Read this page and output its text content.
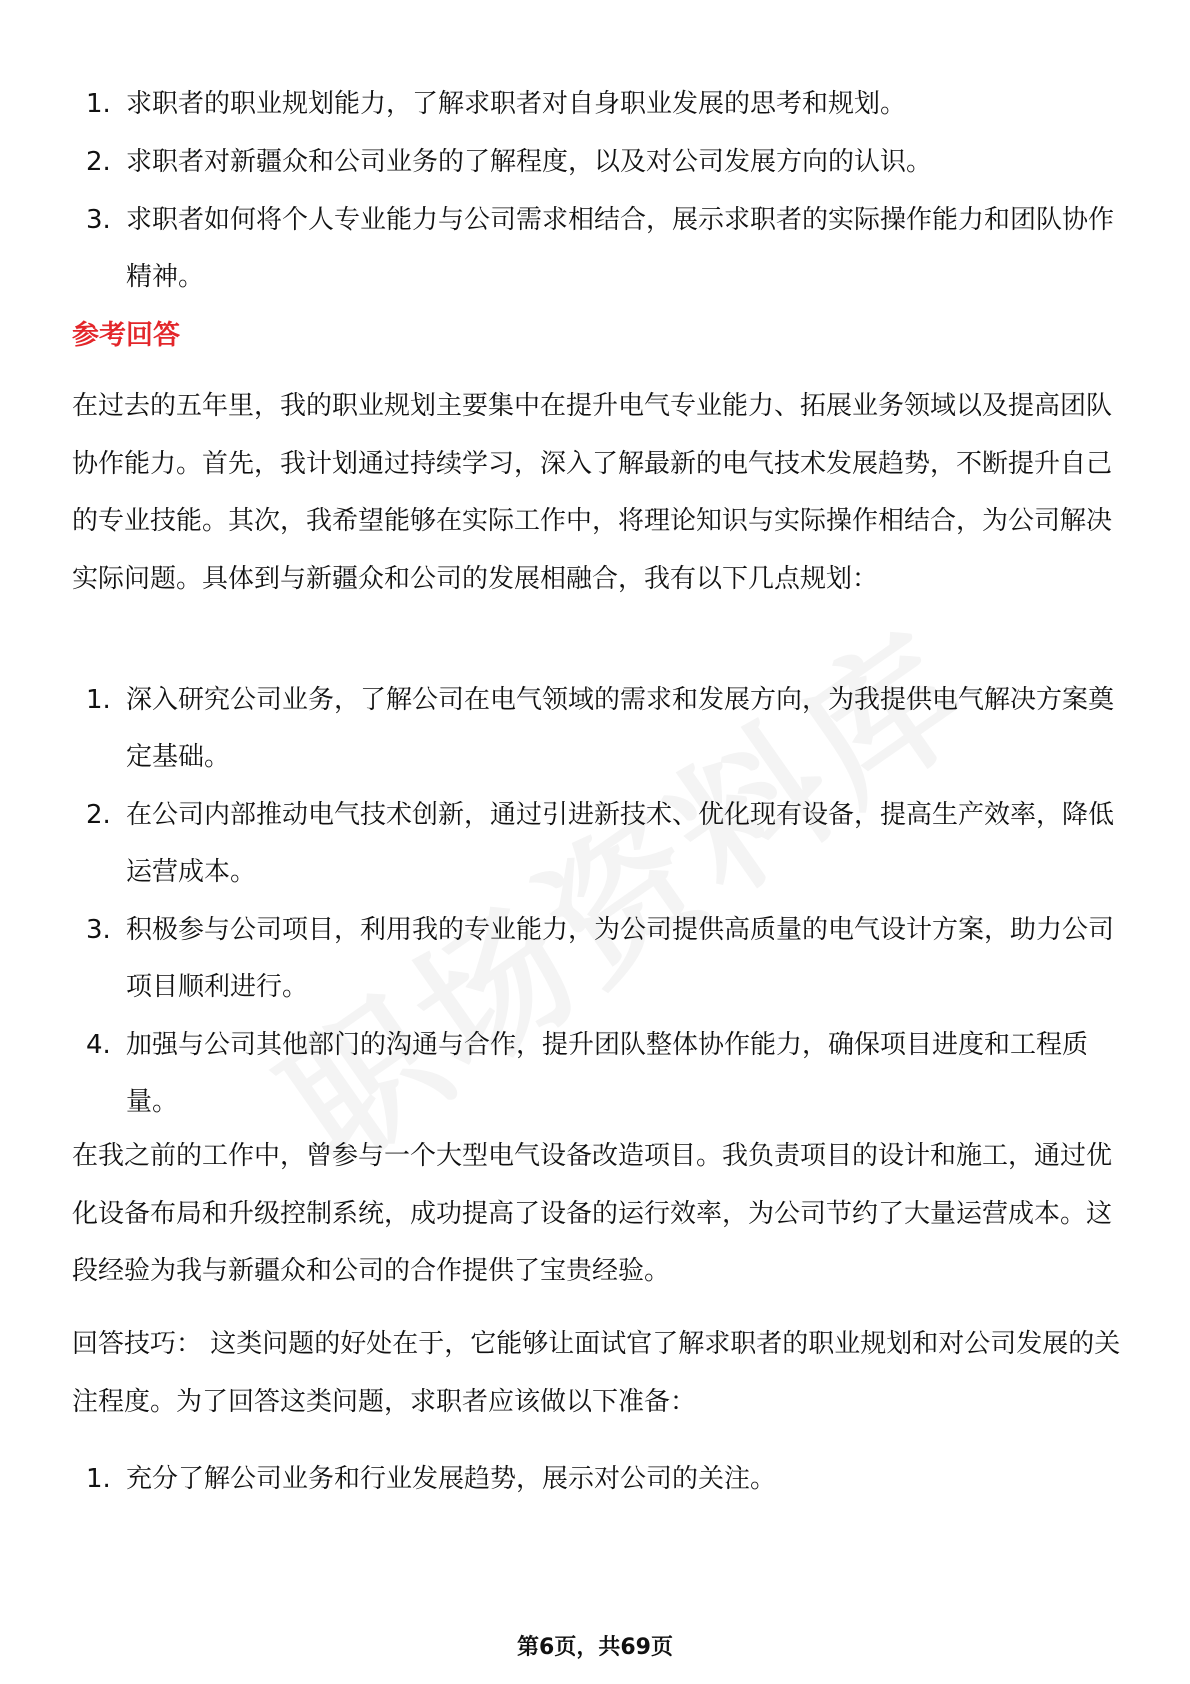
1. 求职者的职业规划能力，了解求职者对自身职业发展的思考和规划。
2. 求职者对新疆众和公司业务的了解程度，以及对公司发展方向的认识。
3. 求职者如何将个人专业能力与公司需求相结合，展示求职者的实际操作能力和团队协作精神。
参考回答

在过去的五年里，我的职业规划主要集中在提升电气专业能力、拓展业务领域以及提高团队协作能力。首先，我计划通过持续学习，深入了解最新的电气技术发展趋势，不断提升自己的专业技能。其次，我希望能够在实际工作中，将理论知识与实际操作相结合，为公司解决实际问题。具体到与新疆众和公司的发展相融合，我有以下几点规划：

1. 深入研究公司业务，了解公司在电气领域的需求和发展方向，为我提供电气解决方案奠定基础。
2. 在公司内部推动电气技术创新，通过引进新技术、优化现有设备，提高生产效率，降低运营成本。
3. 积极参与公司项目，利用我的专业能力，为公司提供高质量的电气设计方案，助力公司项目顺利进行。
4. 加强与公司其他部门的沟通与合作，提升团队整体协作能力，确保项目进度和工程质量。

在我之前的工作中，曾参与一个大型电气设备改造项目。我负责项目的设计和施工，通过优化设备布局和升级控制系统，成功提高了设备的运行效率，为公司节约了大量运营成本。这段经验为我与新疆众和公司的合作提供了宝贵经验。

回答技巧： 这类问题的好处在于，它能够让面试官了解求职者的职业规划和对公司发展的关注程度。为了回答这类问题，求职者应该做以下准备：

1. 充分了解公司业务和行业发展趋势，展示对公司的关注。
第6页，共69页
